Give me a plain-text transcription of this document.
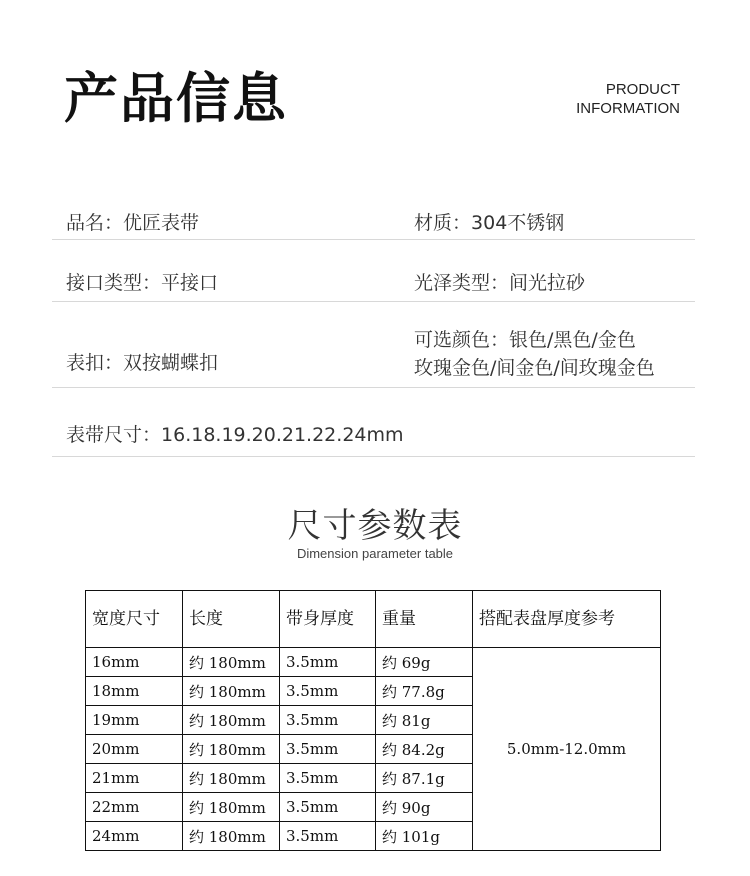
产品信息	PRODUCT
INFORMATION
品名：优匠表带	材质：304不锈钢
接口类型：平接口	光泽类型：间光拉砂
表扣：双按蝴蝶扣
可选颜色：银色/黑色/金色
玫瑰金色/间金色/间玫瑰金色
表带尺寸：16.18.19.20.21.22.24mm
尺寸参数表
Dimension parameter table
宽度尺寸	长度	带身厚度	重量	搭配表盘厚度参考
16mm	约 180mm	3.5mm	约 69g	5.0mm-12.0mm
18mm	约 180mm	3.5mm	约 77.8g	
19mm	约 180mm	3.5mm	约 81g	
20mm	约 180mm	3.5mm	约 84.2g	
21mm	约 180mm	3.5mm	约 87.1g	
22mm	约 180mm	3.5mm	约 90g	
24mm	约 180mm	3.5mm	约 101g	
